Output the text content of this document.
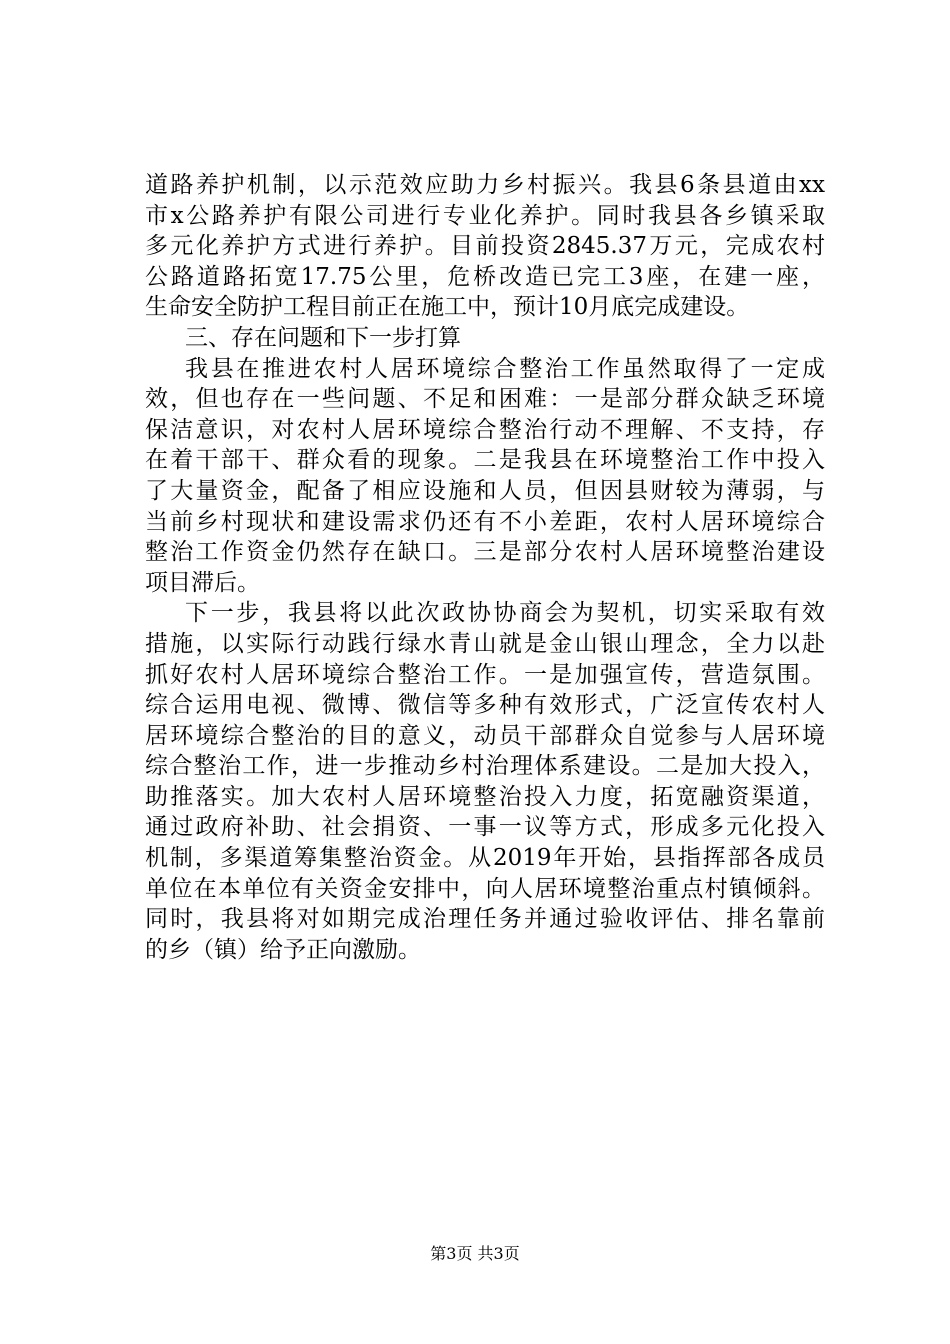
道路养护机制，以示范效应助力乡村振兴。我县6条县道由xx
市x公路养护有限公司进行专业化养护。同时我县各乡镇采取
多元化养护方式进行养护。目前投资2845.37万元，完成农村
公路道路拓宽17.75公里，危桥改造已完工3座，在建一座，
生命安全防护工程目前正在施工中，预计10月底完成建设。
三、存在问题和下一步打算
我县在推进农村人居环境综合整治工作虽然取得了一定成
效，但也存在一些问题、不足和困难：一是部分群众缺乏环境
保洁意识，对农村人居环境综合整治行动不理解、不支持，存
在着干部干、群众看的现象。二是我县在环境整治工作中投入
了大量资金，配备了相应设施和人员，但因县财较为薄弱，与
当前乡村现状和建设需求仍还有不小差距，农村人居环境综合
整治工作资金仍然存在缺口。三是部分农村人居环境整治建设
项目滞后。
下一步，我县将以此次政协协商会为契机，切实采取有效
措施，以实际行动践行绿水青山就是金山银山理念，全力以赴
抓好农村人居环境综合整治工作。一是加强宣传，营造氛围。
综合运用电视、微博、微信等多种有效形式，广泛宣传农村人
居环境综合整治的目的意义，动员干部群众自觉参与人居环境
综合整治工作，进一步推动乡村治理体系建设。二是加大投入，
助推落实。加大农村人居环境整治投入力度，拓宽融资渠道，
通过政府补助、社会捐资、一事一议等方式，形成多元化投入
机制，多渠道筹集整治资金。从2019年开始，县指挥部各成员
单位在本单位有关资金安排中，向人居环境整治重点村镇倾斜。
同时，我县将对如期完成治理任务并通过验收评估、排名靠前
的乡（镇）给予正向激励。
第3页 共3页
